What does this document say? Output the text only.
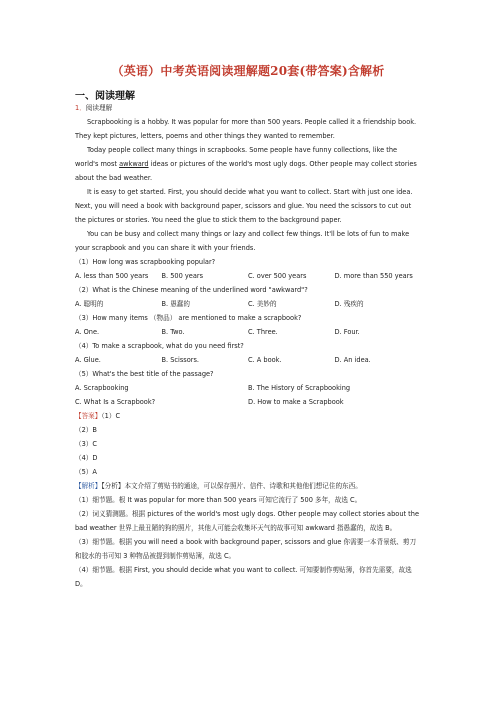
（英语）中考英语阅读理解题20套(带答案)含解析
一、阅读理解

1．阅读理解

Scrapbooking is a hobby. It was popular for more than 500 years. People called it a friendship book. They kept pictures, letters, poems and other things they wanted to remember.

Today people collect many things in scrapbooks. Some people have funny collections, like the world's most awkward ideas or pictures of the world's most ugly dogs. Other people may collect stories about the bad weather.

It is easy to get started. First, you should decide what you want to collect. Start with just one idea. Next, you will need a book with background paper, scissors and glue. You need the scissors to cut out the pictures or stories. You need the glue to stick them to the background paper.

You can be busy and collect many things or lazy and collect few things. It'll be lots of fun to make your scrapbook and you can share it with your friends.

（1）How long was scrapbooking popular?

A. less than 500 years	B. 500 years	C. over 500 years	D. more than 550 years

（2）What is the Chinese meaning of the underlined word "awkward"?

A. 聪明的	B. 愚蠢的	C. 美妙的	D. 残疾的

（3）How many items （物品） are mentioned to make a scrapbook?

A. One.	B. Two.	C. Three.	D. Four.

（4）To make a scrapbook, what do you need first?

A. Glue.	B. Scissors.	C. A book.	D. An idea.

（5）What's the best title of the passage?

A. Scrapbooking	B. The History of Scrapbooking
C. What Is a Scrapbook?	D. How to make a Scrapbook

【答案】（1）C

（2）B

（3）C

（4）D

（5）A

【解析】【分析】本文介绍了剪贴书的通途，可以保存照片、信件、诗歌和其他他们想记住的东西。

（1）细节题。根 It was popular for more than 500 years 可知它流行了 500 多年，故选 C。

（2）词义猜测题。根据 pictures of the world's most ugly dogs. Other people may collect stories about the bad weather 世界上最丑陋的狗的照片，其他人可能会收集坏天气的故事可知 awkward 指愚蠢的，故选 B。

（3）细节题。根据 you will need a book with background paper, scissors and glue 你需要一本背景纸、剪刀和胶水的书可知 3 种物品被提到制作剪贴簿，故选 C。

（4）细节题。根据 First, you should decide what you want to collect. 可知要制作剪贴簿，你首先需要，故选 D。
